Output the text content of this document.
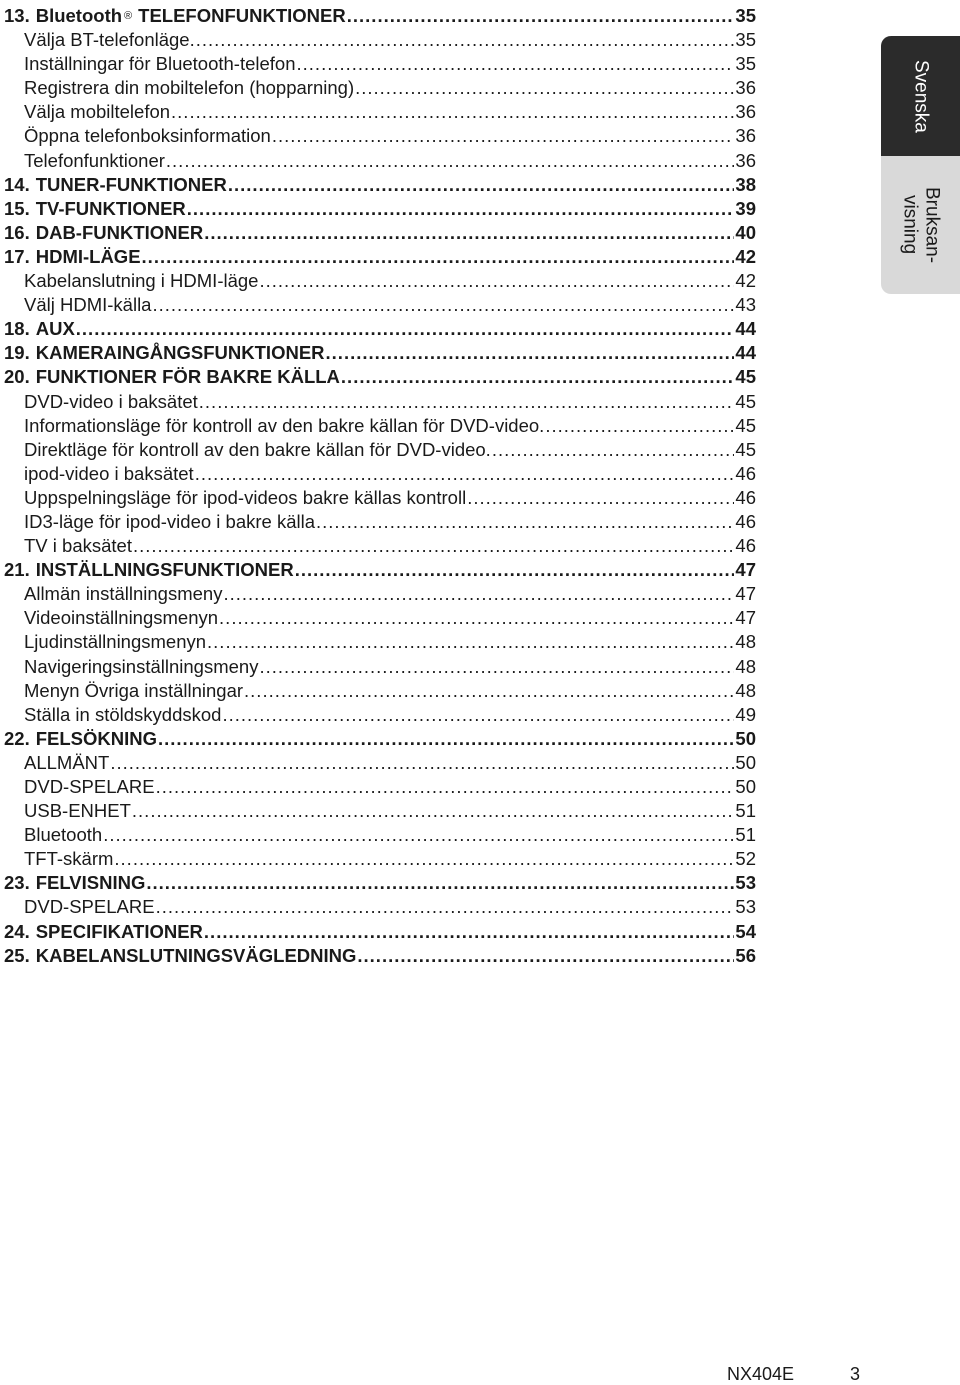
13. Bluetooth® TELEFONFUNKTIONER .....	35
Välja BT-telefonläge. .....	35
Inställningar för Bluetooth-telefon .....	35
Registrera din mobiltelefon (hopparning) .....	36
Välja mobiltelefon .....	36
Öppna telefonboksinformation .....	36
Telefonfunktioner .....	36
14. TUNER-FUNKTIONER .....	38
15. TV-FUNKTIONER .....	39
16. DAB-FUNKTIONER .....	40
17. HDMI-LÄGE .....	42
Kabelanslutning i HDMI-läge .....	42
Välj HDMI-källa .....	43
18. AUX .....	44
19. KAMERAINGÅNGSFUNKTIONER .....	44
20. FUNKTIONER FÖR BAKRE KÄLLA .....	45
DVD-video i baksätet .....	45
Informationsläge för kontroll av den bakre källan för DVD-video. .....	45
Direktläge för kontroll av den bakre källan för DVD-video. .....	45
ipod-video i baksätet .....	46
Uppspelningsläge för ipod-videos bakre källas kontroll .....	46
ID3-läge för ipod-video i bakre källa .....	46
TV i baksätet .....	46
21. INSTÄLLNINGSFUNKTIONER .....	47
Allmän inställningsmeny .....	47
Videoinställningsmenyn .....	47
Ljudinställningsmenyn .....	48
Navigeringsinställningsmeny .....	48
Menyn Övriga inställningar .....	48
Ställa in stöldskyddskod .....	49
22. FELSÖKNING .....	50
ALLMÄNT .....	50
DVD-SPELARE .....	50
USB-ENHET .....	51
Bluetooth .....	51
TFT-skärm .....	52
23. FELVISNING .....	53
DVD-SPELARE .....	53
24. SPECIFIKATIONER .....	54
25. KABELANSLUTNINGSVÄGLEDNING .....	56
Svenska
Bruksan-
visning
NX404E	3
